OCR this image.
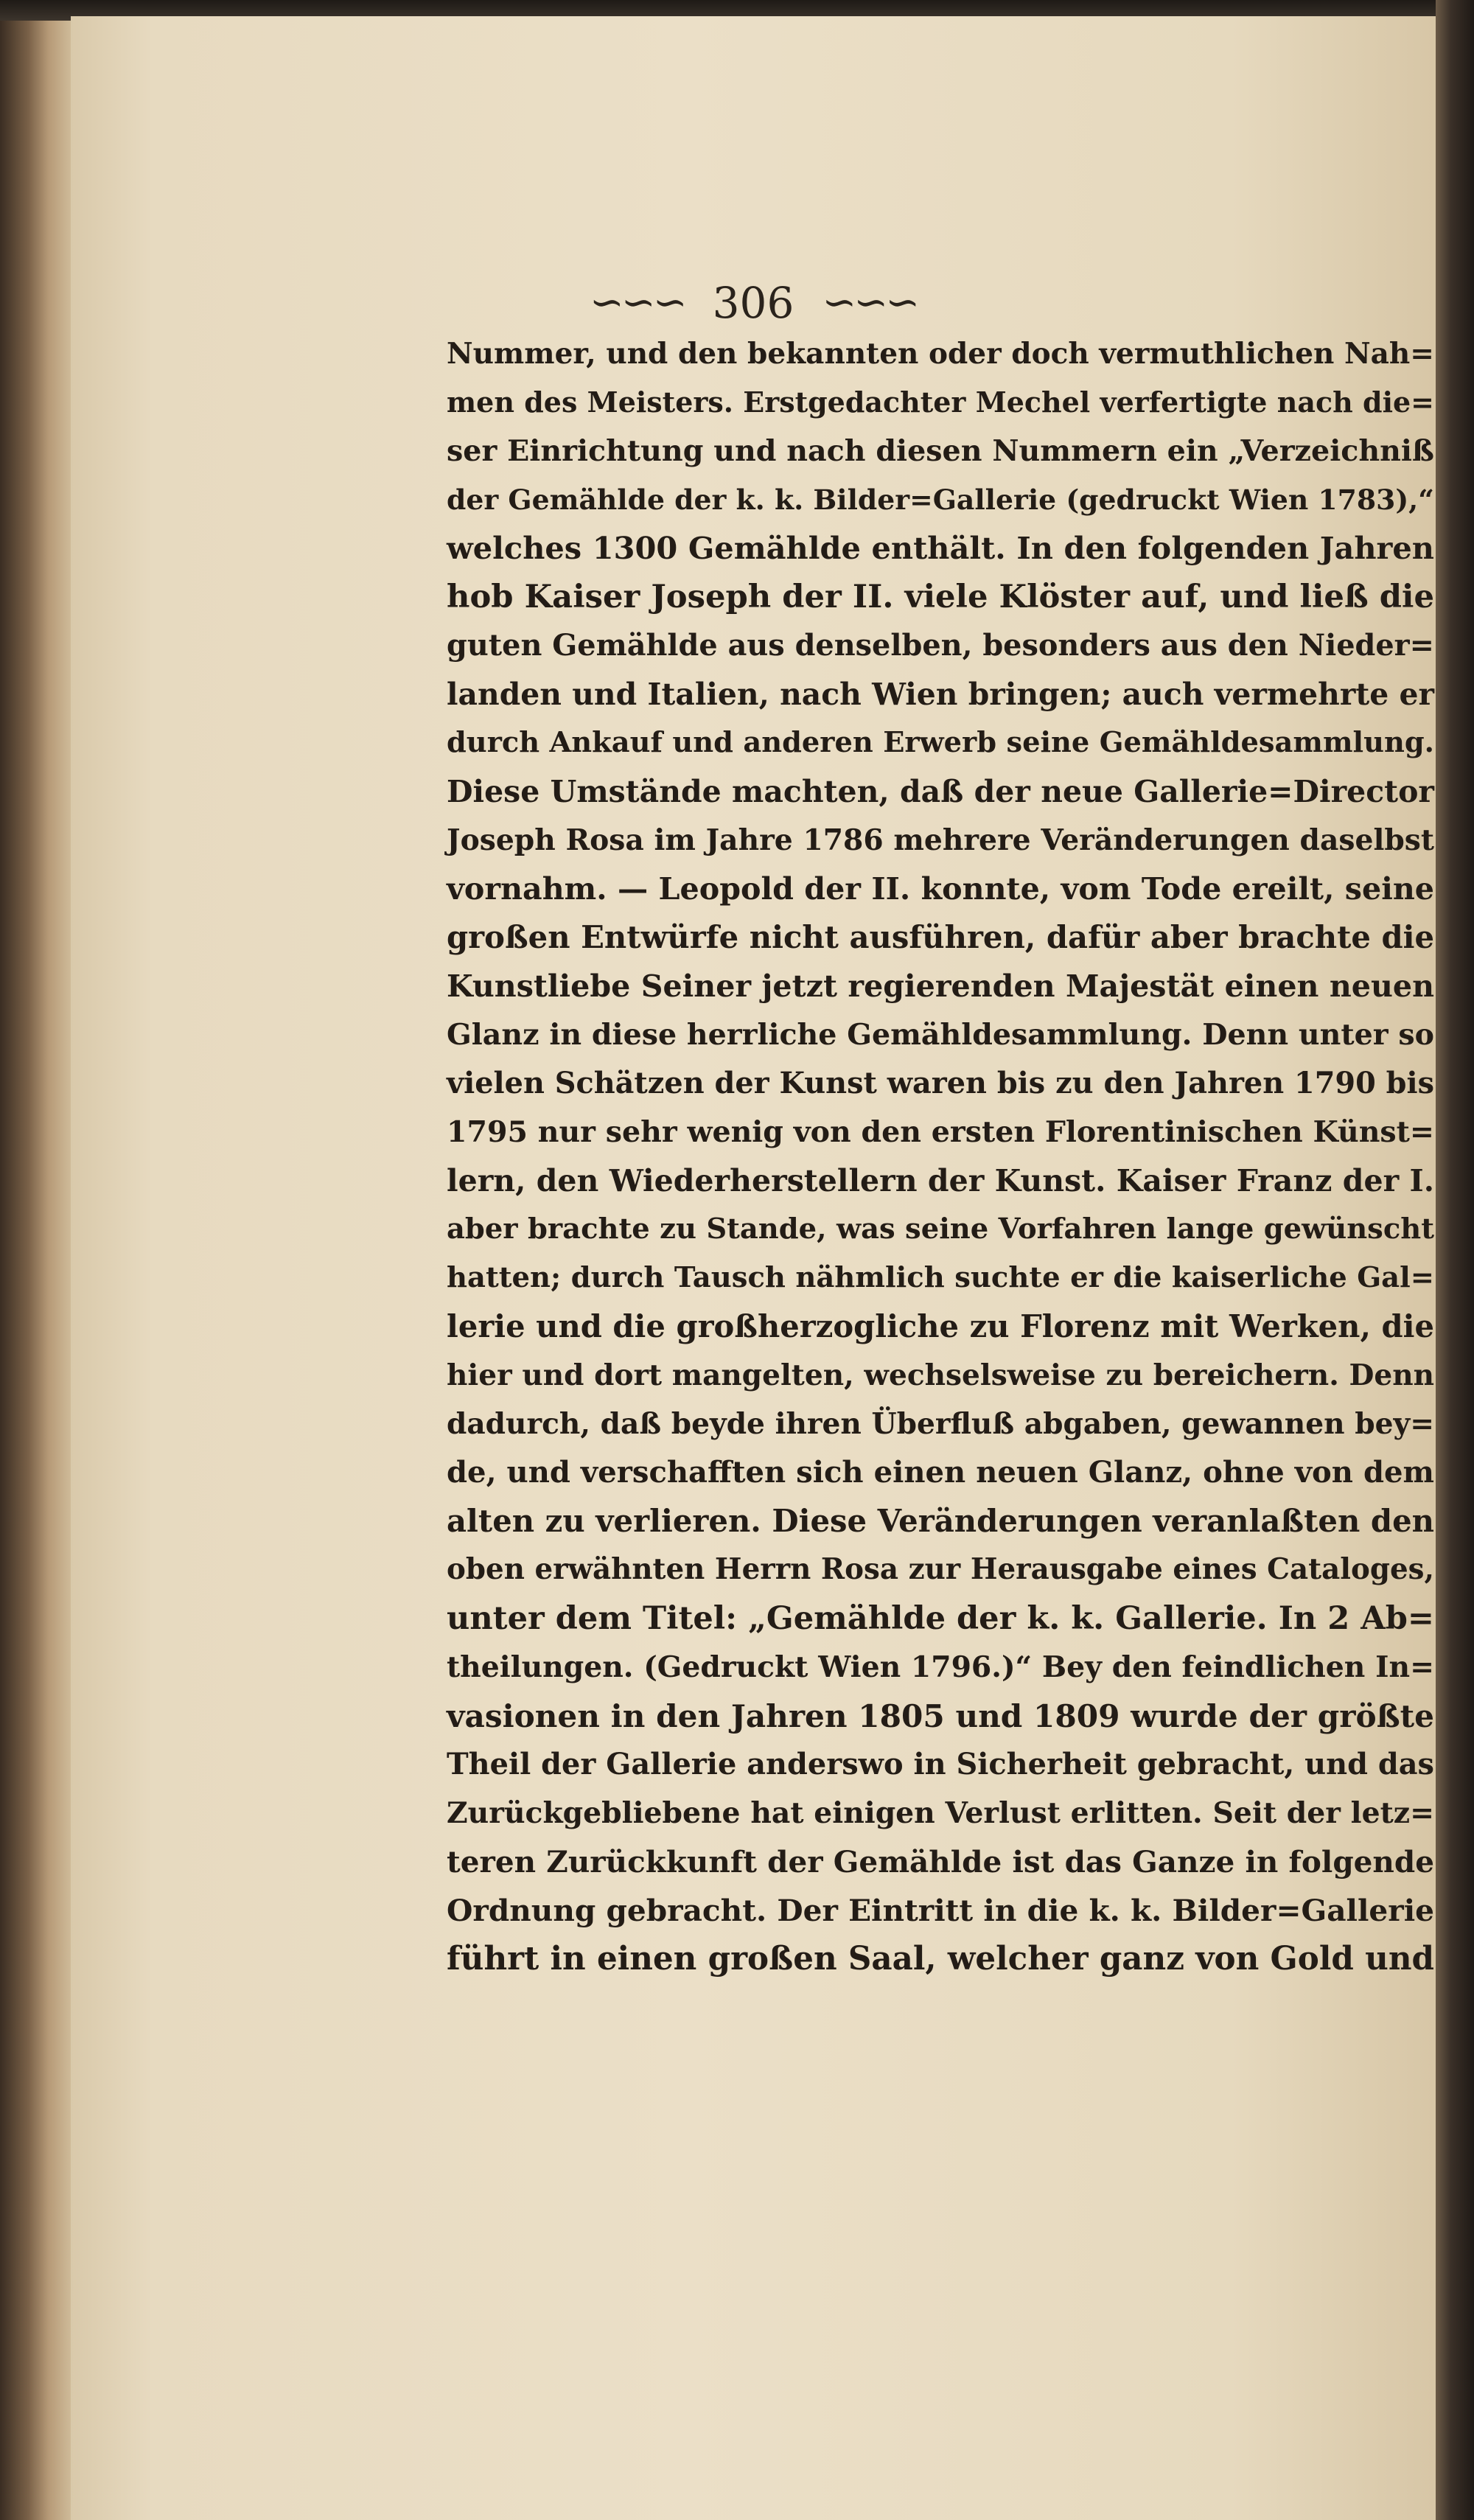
∽∽∽ 306 ∽∽∽
Nummer, und den bekannten oder doch vermuthlichen Nah=
men des Meisters. Erstgedachter Mechel verfertigte nach die=
ser Einrichtung und nach diesen Nummern ein „Verzeichniß
der Gemählde der k. k. Bilder=Gallerie (gedruckt Wien 1783),“
welches 1300 Gemählde enthält. In den folgenden Jahren
hob Kaiser Joseph der II. viele Klöster auf, und ließ die
guten Gemählde aus denselben, besonders aus den Nieder=
landen und Italien, nach Wien bringen; auch vermehrte er
durch Ankauf und anderen Erwerb seine Gemähldesammlung.
Diese Umstände machten, daß der neue Gallerie=Director
Joseph Rosa im Jahre 1786 mehrere Veränderungen daselbst
vornahm. — Leopold der II. konnte, vom Tode ereilt, seine
großen Entwürfe nicht ausführen, dafür aber brachte die
Kunstliebe Seiner jetzt regierenden Majestät einen neuen
Glanz in diese herrliche Gemähldesammlung. Denn unter so
vielen Schätzen der Kunst waren bis zu den Jahren 1790 bis
1795 nur sehr wenig von den ersten Florentinischen Künst=
lern, den Wiederherstellern der Kunst. Kaiser Franz der I.
aber brachte zu Stande, was seine Vorfahren lange gewünscht
hatten; durch Tausch nähmlich suchte er die kaiserliche Gal=
lerie und die großherzogliche zu Florenz mit Werken, die
hier und dort mangelten, wechselsweise zu bereichern. Denn
dadurch, daß beyde ihren Überfluß abgaben, gewannen bey=
de, und verschafften sich einen neuen Glanz, ohne von dem
alten zu verlieren. Diese Veränderungen veranlaßten den
oben erwähnten Herrn Rosa zur Herausgabe eines Cataloges,
unter dem Titel: „Gemählde der k. k. Gallerie. In 2 Ab=
theilungen. (Gedruckt Wien 1796.)“ Bey den feindlichen In=
vasionen in den Jahren 1805 und 1809 wurde der größte
Theil der Gallerie anderswo in Sicherheit gebracht, und das
Zurückgebliebene hat einigen Verlust erlitten. Seit der letz=
teren Zurückkunft der Gemählde ist das Ganze in folgende
Ordnung gebracht. Der Eintritt in die k. k. Bilder=Gallerie
führt in einen großen Saal, welcher ganz von Gold und
